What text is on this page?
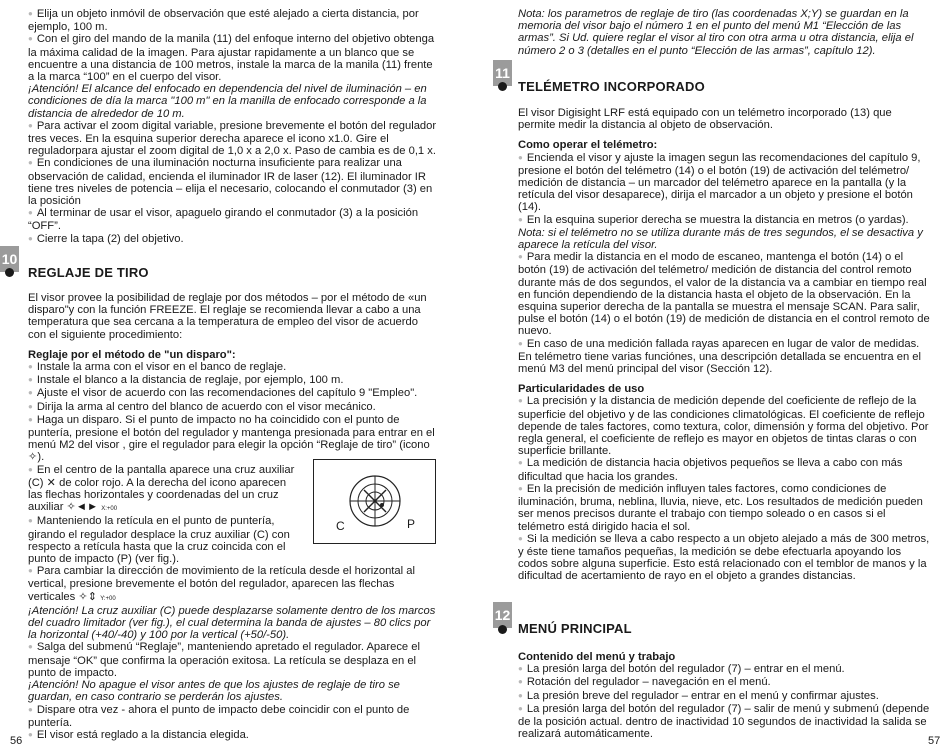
● Elija un objeto inmóvil de observación que esté alejado a cierta distancia, por ejemplo, 100 m.

● Con el giro del mando de la manila (11) del enfoque interno del objetivo obtenga la máxima calidad de la imagen. Para ajustar rapidamente a un blanco que se encuentre a una distancia de 100 metros, instale la marca de la manila (11) frente a la marca “100” en el cuerpo del visor.

¡Atención! El alcance del enfocado en dependencia del nivel de iluminación – en condiciones de día la marca "100 m" en la manilla de enfocado corresponde a la distancia de alrededor de 10 m.

● Para activar el zoom digital variable, presione brevemente el botón del regulador tres veces. En la esquina superior derecha aparece el icono x1.0. Gire el reguladorpara ajustar el zoom digital de 1,0 x a 2,0 x. Paso de cambia es de 0,1 x.

● En condiciones de una iluminación nocturna insuficiente para realizar una observación de calidad, encienda el iluminador IR de laser (12). El iluminador IR tiene tres niveles de potencia – elija el necesario, colocando el conmutador (3) en la posición

● Al terminar de usar el visor, apaguelo girando el conmutador (3) a la posición “OFF”.

● Cierre la tapa (2) del objetivo.

10
REGLAJE DE TIRO

El visor provee la posibilidad de reglaje por dos métodos – por el método de «un disparo"y con la función FREEZE. El reglaje se recomienda llevar a cabo a una temperatura que sea cercana a la temperatura de empleo del visor de acuerdo con el siguiente procedimiento:

Reglaje por el método de "un disparo":

● Instale la arma con el visor en el banco de reglaje.

● Instale el blanco a la distancia de reglaje, por ejemplo, 100 m.

● Ajuste el visor de acuerdo con las recomendaciones del capítulo 9 "Empleo".

● Dirija la arma al centro del blanco de acuerdo con el visor mecánico.

● Haga un disparo. Si el punto de impacto no ha coincidido con el punto de puntería, presione el botón del regulador y mantenga presionada para entrar en el menú M2 del visor , gire el regulador para elegir la opción “Reglaje de tiro” (icono ✧).

● En el centro de la pantalla aparece una cruz auxiliar (C) ✕ de color rojo. A la derecha del icono aparecen las flechas horizontales y coordenadas del un cruz auxiliar ✧◄► X:+00

● Manteniendo la retícula en el punto de puntería, girando el regulador desplace la cruz auxiliar (C) con respecto a retícula hasta que la cruz coincida con el punto de impacto (P) (ver fig.).

● Para cambiar la dirección de movimiento de la retícula desde el horizontal al vertical, presione brevemente el botón del regulador, aparecen las flechas verticales ✧⇕ Y:+00

¡Atención! La cruz auxiliar (C) puede desplazarse solamente dentro de los marcos del cuadro limitador (ver fig.), el cual determina la banda de ajustes – 80 clics por la horizontal (+40/-40) y 100 por la vertical (+50/-50).

● Salga del submenú “Reglaje”, manteniendo apretado el regulador. Aparece el mensaje “OK” que confirma la operación exitosa. La retícula se desplaza en el punto de impacto.

¡Atención! No apague el visor antes de que los ajustes de reglaje de tiro se guardan, en caso contrario se perderán los ajustes.

● Dispare otra vez - ahora el punto de impacto debe coincidir con el punto de puntería.

● El visor está reglado a la distancia elegida.

C	P
56
Nota: los parametros de reglaje de tiro (las coordenadas X;Y) se guardan en la memoria del visor bajo el número 1 en el punto del menú M1 “Elección de las armas”. Si Ud. quiere reglar el visor al tiro con otra arma u otra distancia, elija el número 2 o 3 (detalles en el punto “Elección de las armas”, capítulo 12).
11
TELÉMETRO INCORPORADO

El visor Digisight LRF está equipado con un telémetro incorporado (13) que permite medir la distancia al objeto de observación.

Como operar el telémetro:

● Encienda el visor y ajuste la imagen segun las recomendaciones del capítulo 9, presione el botón del telémetro (14) o el botón (19) de activación del telémetro/ medición de distancia – un marcador del telémetro aparece en la pantalla (y la retícula del visor desaparece), dirija el marcador a un objeto y presione el botón (14).

● En la esquina superior derecha se muestra la distancia en metros (o yardas).

Nota: si el telémetro no se utiliza durante más de tres segundos, el se desactiva y aparece la retícula del visor.

● Para medir la distancia en el modo de escaneo, mantenga el botón (14) o el botón (19) de activación del telémetro/ medición de distancia del control remoto durante más de dos segundos, el valor de la distancia va a cambiar en tiempo real en función dependiendo de la distancia hasta el objeto de la observación. En la esquina superior derecha de la pantalla se muestra el mensaje SCAN. Para salir, pulse el botón (14) o el botón (19) de medición de distancia en el control remoto de nuevo.

● En caso de una medición fallada rayas aparecen en lugar de valor de medidas.

En telémetro tiene varias funciónes, una descripción detallada se encuentra en el menú M3 del menú principal del visor (Sección 12).

Particularidades de uso

● La precisión y la distancia de medición depende del coeficiente de reflejo de la superficie del objetivo y de las condiciones climatológicas. El coeficiente de reflejo depende de tales factores, como textura, color, dimensión y forma del objetivo. Por regla general, el coeficiente de reflejo es mayor en objetos de tintas claras o con superficie brillante.

● La medición de distancia hacia objetivos pequeños se lleva a cabo con más dificultad que hacia los grandes.

● En la precisión de medición influyen tales factores, como condiciones de iluminación, bruma, neblina, lluvia, nieve, etc. Los resultados de medición pueden ser menos precisos durante el trabajo con tiempo soleado o en casos si el telémetro está dirigido hacia el sol.

● Si la medición se lleva a cabo respecto a un objeto alejado a más de 300 metros, y éste tiene tamaños pequeñas, la medición se debe efectuarla apoyando los codos sobre alguna superficie. Esto está relacionado con el temblor de manos y la dificultad de acertamiento de rayo en el objeto a grandes distancias.

12
MENÚ PRINCIPAL

Contenido del menú y trabajo

● La presión larga del botón del regulador (7) – entrar en el menú.

● Rotación del regulador – navegación en el menú.

● La presión breve del regulador – entrar en el menú y confirmar ajustes.

● La presión larga del botón del regulador (7) – salir de menú y submenú (depende de la posición actual. dentro de inactividad 10 segundos de inactividad la salida se realizará automáticamente.

57
